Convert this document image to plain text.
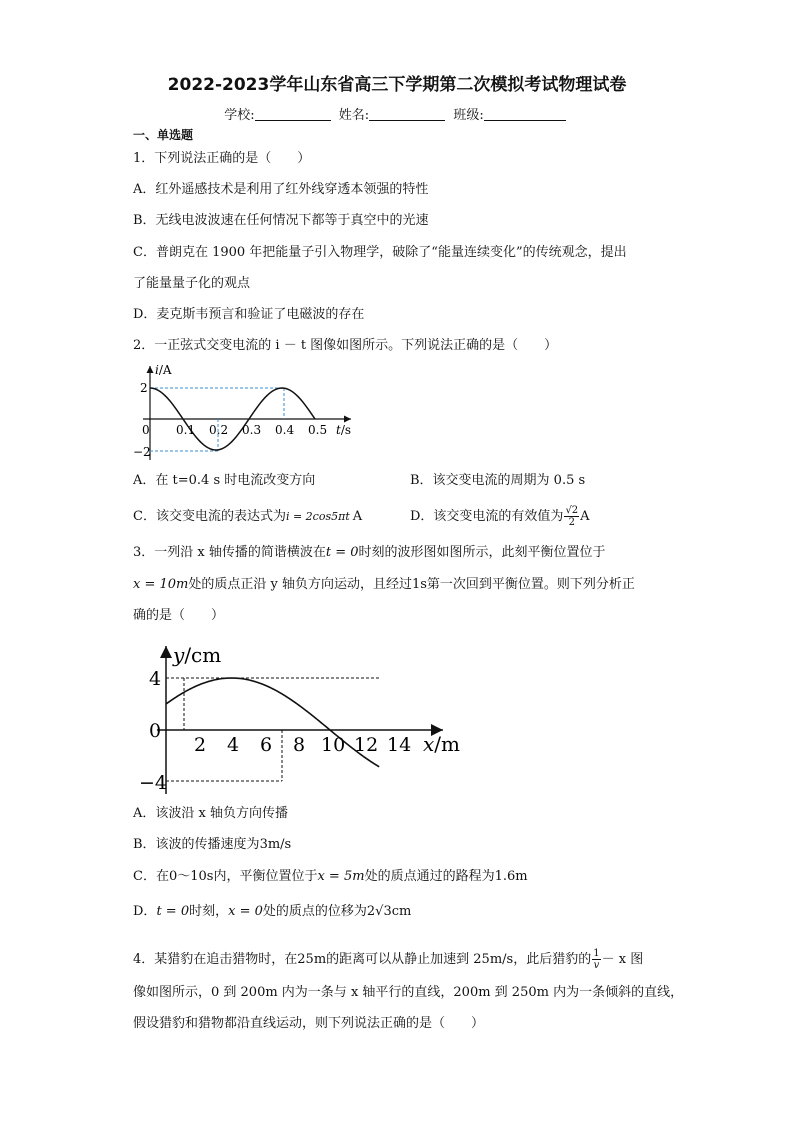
2022-2023学年山东省高三下学期第二次模拟考试物理试卷
学校:	姓名:	班级:
一、单选题
1．下列说法正确的是（　　）
A．红外遥感技术是利用了红外线穿透本领强的特性
B．无线电波波速在任何情况下都等于真空中的光速
C．普朗克在 1900 年把能量子引入物理学，破除了“能量连续变化”的传统观念，提出
了能量量子化的观点
D．麦克斯韦预言和验证了电磁波的存在
2．一正弦式交变电流的 i － t 图像如图所示。下列说法正确的是（　　）
i/A
2
−2
0 0.1 0.2 0.3 0.4 0.5 t/s
A．在 t=0.4 s 时电流改变方向	B．该交变电流的周期为 0.5 s
C．该交变电流的表达式为i = 2cos5πt A	D．该交变电流的有效值为 $\frac{√2}{2}$ A
3．一列沿 x 轴传播的简谐横波在t = 0时刻的波形图如图所示，此刻平衡位置位于
x = 10m处的质点正沿 y 轴负方向运动，且经过1s第一次回到平衡位置。则下列分析正
确的是（　　）
y/cm
4
0
−4
2 4 6 8 10 12 14 x/m
A．该波沿 x 轴负方向传播
B．该波的传播速度为3m/s
C．在0～10s内，平衡位置位于x = 5m处的质点通过的路程为1.6m
D．t = 0时刻，x = 0处的质点的位移为2√3cm
4．某猎豹在追击猎物时，在25m的距离可以从静止加速到 25m/s，此后猎豹的 $\frac{1}{v} - x$ 图
像如图所示，0 到 200m 内为一条与 x 轴平行的直线，200m 到 250m 内为一条倾斜的直线，
假设猎豹和猎物都沿直线运动，则下列说法正确的是（　　）
